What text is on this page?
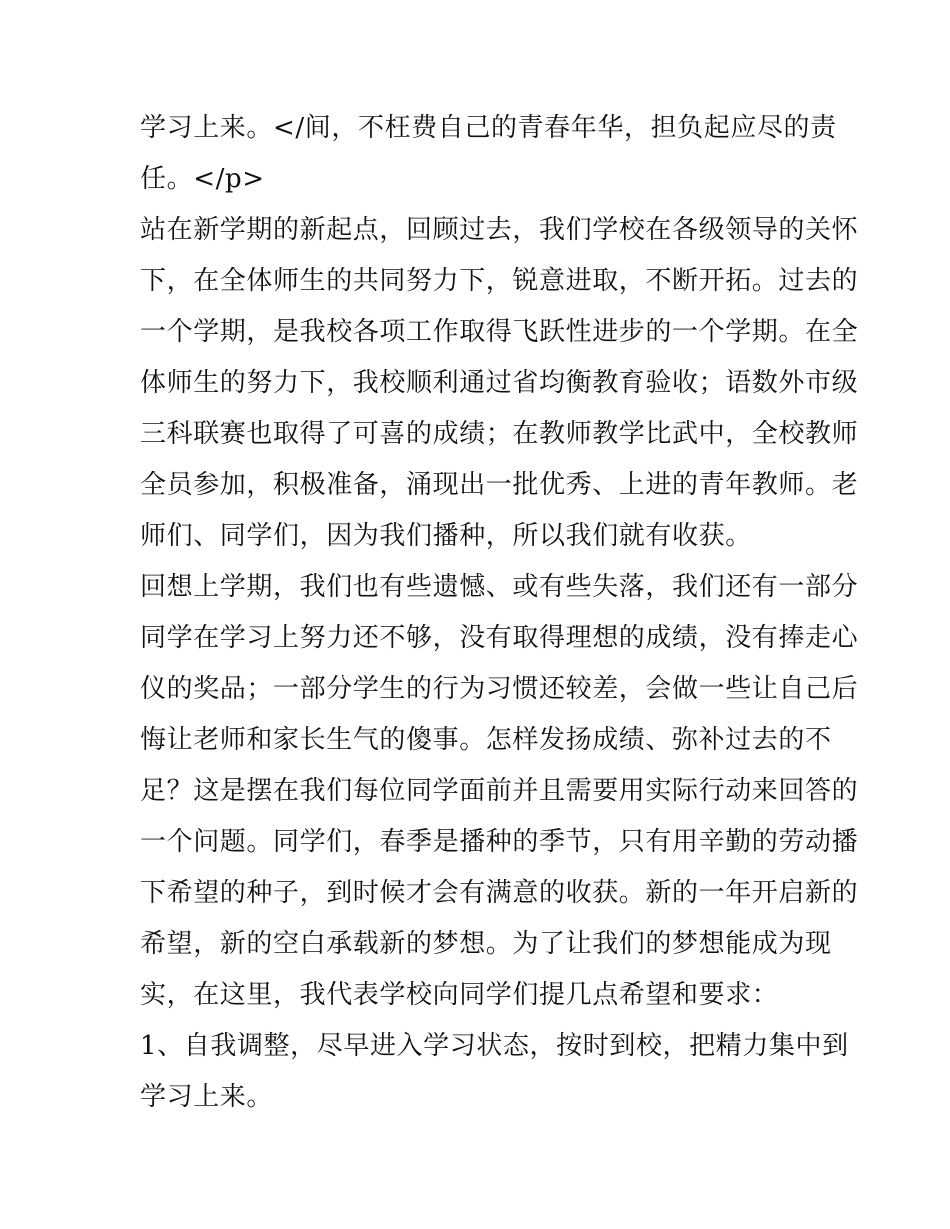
学习上来。</间，不枉费自己的青春年华，担负起应尽的责
任。</p>
站在新学期的新起点，回顾过去，我们学校在各级领导的关怀
下，在全体师生的共同努力下，锐意进取，不断开拓。过去的
一个学期，是我校各项工作取得飞跃性进步的一个学期。在全
体师生的努力下，我校顺利通过省均衡教育验收；语数外市级
三科联赛也取得了可喜的成绩；在教师教学比武中，全校教师
全员参加，积极准备，涌现出一批优秀、上进的青年教师。老
师们、同学们，因为我们播种，所以我们就有收获。
回想上学期，我们也有些遗憾、或有些失落，我们还有一部分
同学在学习上努力还不够，没有取得理想的成绩，没有捧走心
仪的奖品；一部分学生的行为习惯还较差，会做一些让自己后
悔让老师和家长生气的傻事。怎样发扬成绩、弥补过去的不
足？这是摆在我们每位同学面前并且需要用实际行动来回答的
一个问题。同学们，春季是播种的季节，只有用辛勤的劳动播
下希望的种子，到时候才会有满意的收获。新的一年开启新的
希望，新的空白承载新的梦想。为了让我们的梦想能成为现
实，在这里，我代表学校向同学们提几点希望和要求：
1、自我调整，尽早进入学习状态，按时到校，把精力集中到
学习上来。
